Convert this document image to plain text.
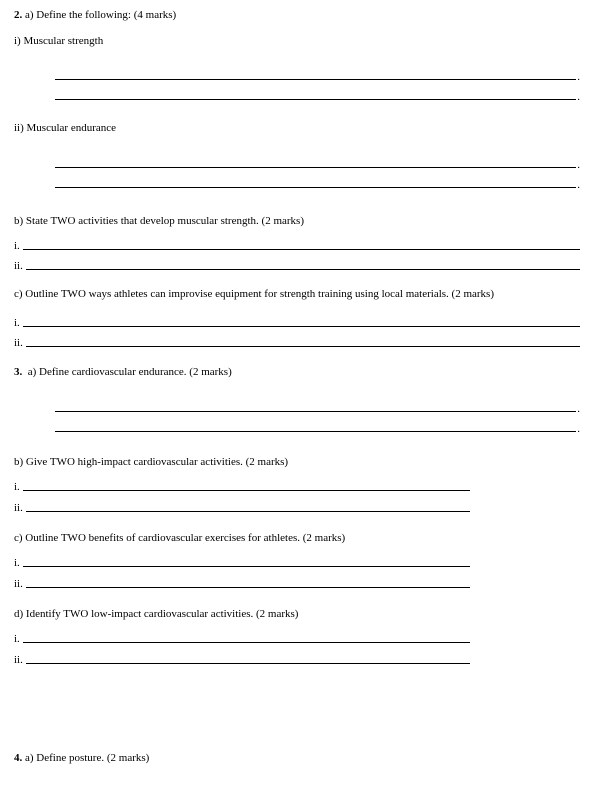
2. a) Define the following: (4 marks)

i) Muscular strength

.
.

ii) Muscular endurance

.
.

b) State TWO activities that develop muscular strength. (2 marks)

i.
ii.

c) Outline TWO ways athletes can improvise equipment for strength training using local materials. (2 marks)

i.
ii.

3.  a) Define cardiovascular endurance. (2 marks)

.
.

b) Give TWO high-impact cardiovascular activities. (2 marks)

i.
ii.

c) Outline TWO benefits of cardiovascular exercises for athletes. (2 marks)

i.
ii.

d) Identify TWO low-impact cardiovascular activities. (2 marks)

i.
ii.

4. a) Define posture. (2 marks)
